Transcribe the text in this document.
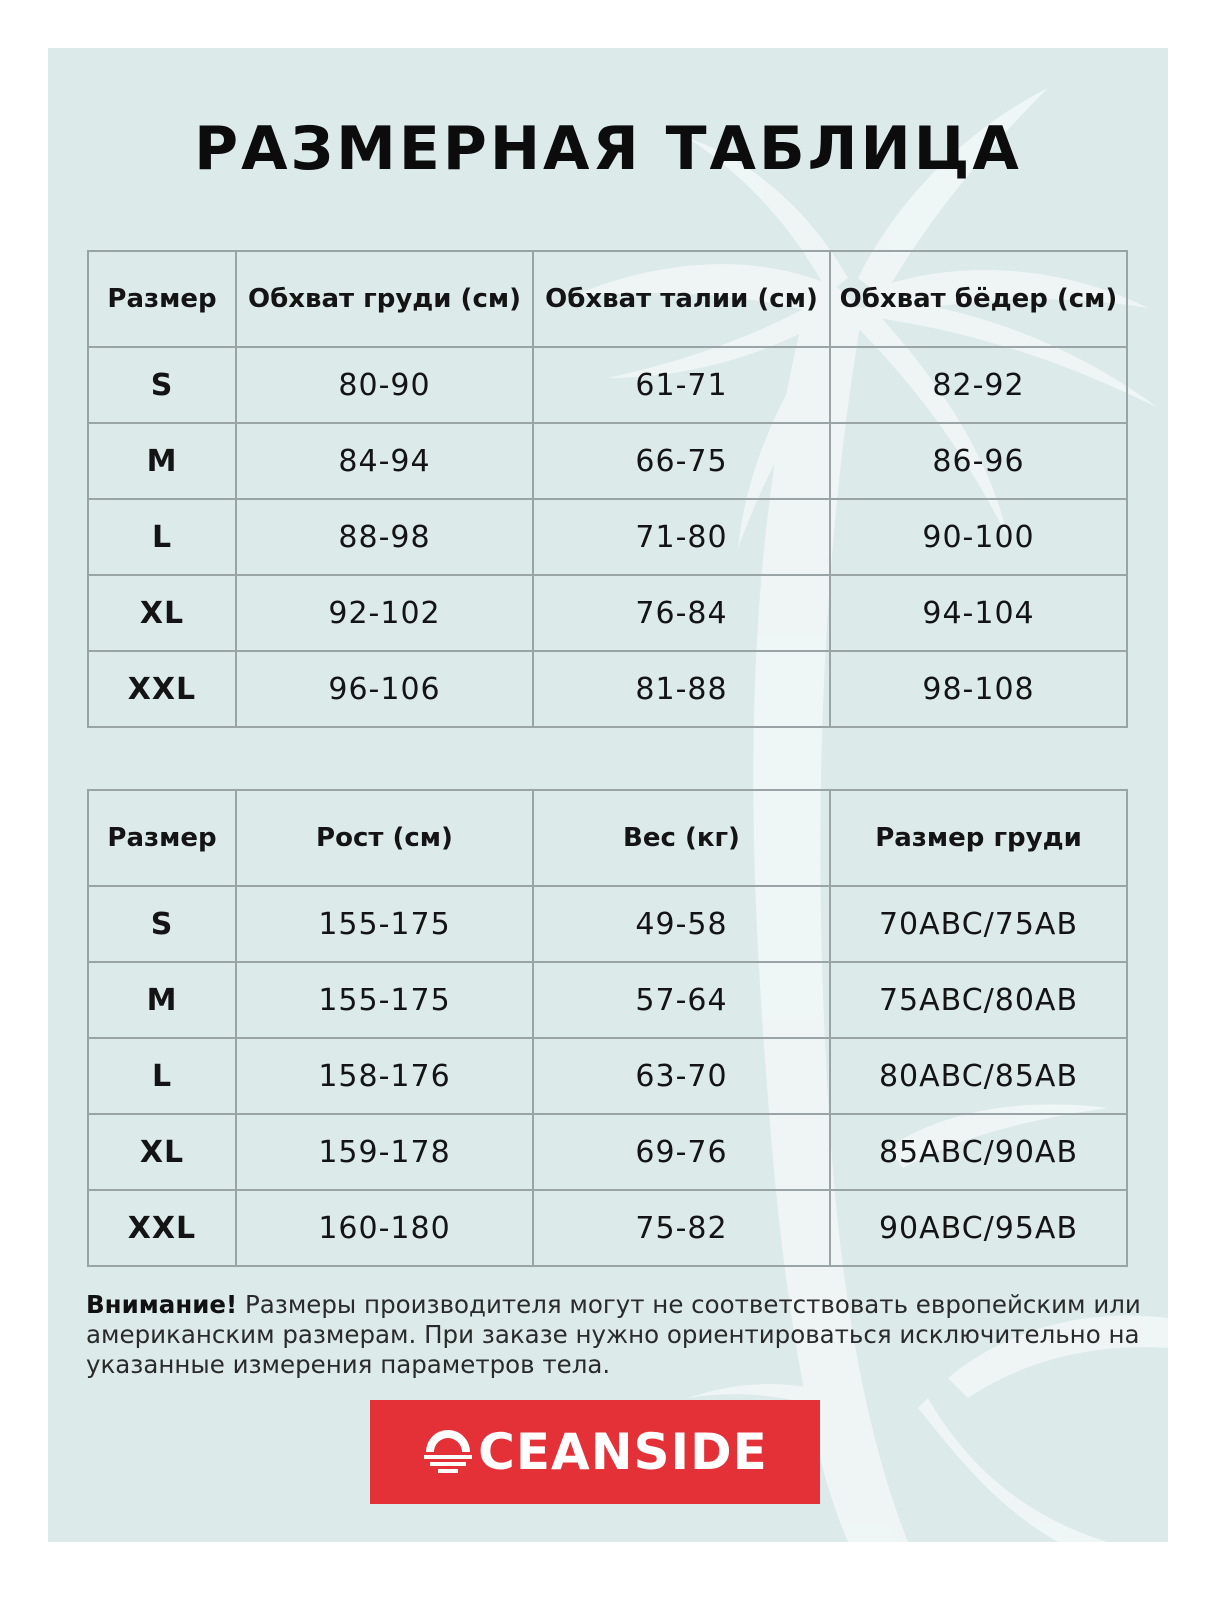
РАЗМЕРНАЯ ТАБЛИЦА
Размер	Обхват груди (см)	Обхват талии (см)	Обхват бёдер (см)
S	80-90	61-71	82-92
M	84-94	66-75	86-96
L	88-98	71-80	90-100
XL	92-102	76-84	94-104
XXL	96-106	81-88	98-108
Размер	Рост (см)	Вес (кг)	Размер груди
S	155-175	49-58	70ABC/75AB
M	155-175	57-64	75ABC/80AB
L	158-176	63-70	80ABC/85AB
XL	159-178	69-76	85ABC/90AB
XXL	160-180	75-82	90ABC/95AB

Внимание! Размеры производителя могут не соответствовать европейским или американским размерам. При заказе нужно ориентироваться исключительно на указанные измерения параметров тела.

CEANSIDE
